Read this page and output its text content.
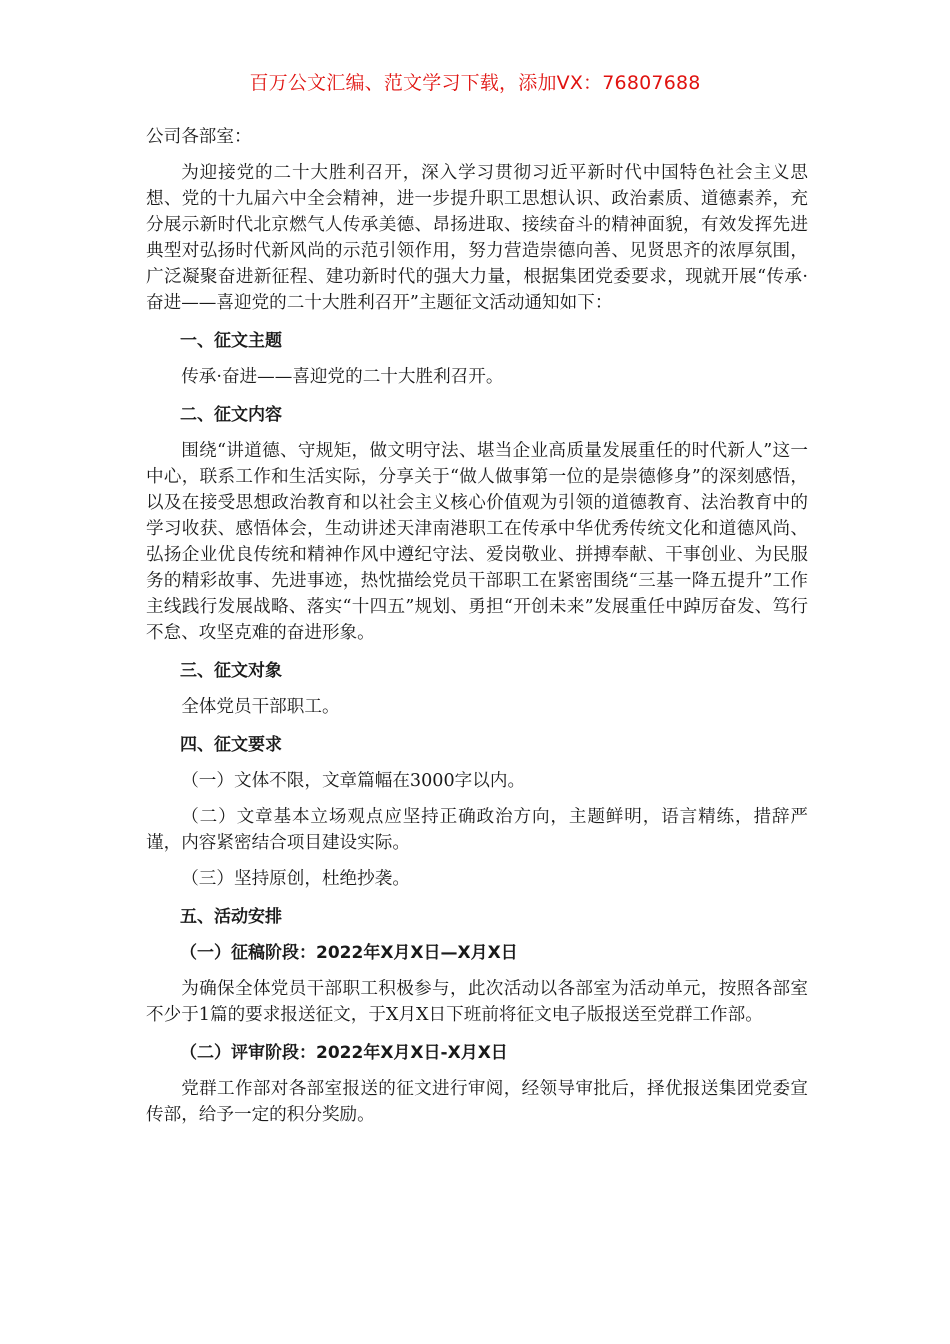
百万公文汇编、范文学习下载，添加VX：76807688

公司各部室：

为迎接党的二十大胜利召开，深入学习贯彻习近平新时代中国特色社会主义思想、党的十九届六中全会精神，进一步提升职工思想认识、政治素质、道德素养，充分展示新时代北京燃气人传承美德、昂扬进取、接续奋斗的精神面貌，有效发挥先进典型对弘扬时代新风尚的示范引领作用，努力营造崇德向善、见贤思齐的浓厚氛围，广泛凝聚奋进新征程、建功新时代的强大力量，根据集团党委要求，现就开展“传承·奋进——喜迎党的二十大胜利召开”主题征文活动通知如下：

一、征文主题

传承·奋进——喜迎党的二十大胜利召开。

二、征文内容

围绕“讲道德、守规矩，做文明守法、堪当企业高质量发展重任的时代新人”这一中心，联系工作和生活实际，分享关于“做人做事第一位的是崇德修身”的深刻感悟，以及在接受思想政治教育和以社会主义核心价值观为引领的道德教育、法治教育中的学习收获、感悟体会，生动讲述天津南港职工在传承中华优秀传统文化和道德风尚、弘扬企业优良传统和精神作风中遵纪守法、爱岗敬业、拼搏奉献、干事创业、为民服务的精彩故事、先进事迹，热忱描绘党员干部职工在紧密围绕“三基一降五提升”工作主线践行发展战略、落实“十四五”规划、勇担“开创未来”发展重任中踔厉奋发、笃行不怠、攻坚克难的奋进形象。

三、征文对象

全体党员干部职工。

四、征文要求

（一）文体不限，文章篇幅在3000字以内。

（二）文章基本立场观点应坚持正确政治方向，主题鲜明，语言精练，措辞严谨，内容紧密结合项目建设实际。

（三）坚持原创，杜绝抄袭。

五、活动安排

（一）征稿阶段：2022年X月X日—X月X日

为确保全体党员干部职工积极参与，此次活动以各部室为活动单元，按照各部室不少于1篇的要求报送征文，于X月X日下班前将征文电子版报送至党群工作部。

（二）评审阶段：2022年X月X日-X月X日

党群工作部对各部室报送的征文进行审阅，经领导审批后，择优报送集团党委宣传部，给予一定的积分奖励。
